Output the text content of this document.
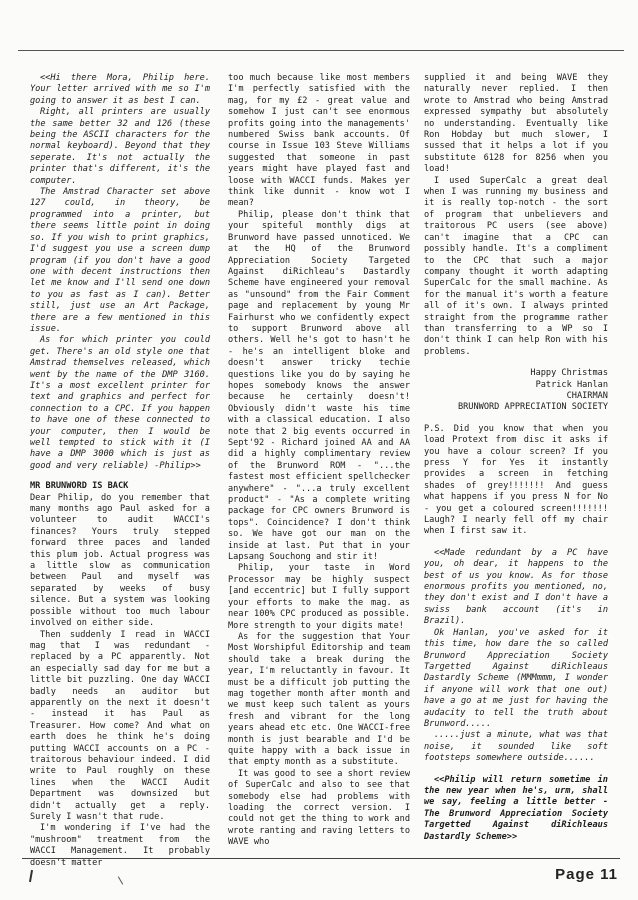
<<Hi there Mora, Philip here. Your letter arrived with me so I'm going to answer it as best I can.

Right, all printers are usually the same better 32 and 126 (these being the ASCII characters for the normal keyboard). Beyond that they seperate. It's not actually the printer that's different, it's the computer.

The Amstrad Character set above 127 could, in theory, be programmed into a printer, but there seems little point in doing so. If you wish to print graphics, I'd suggest you use a screen dump program (if you don't have a good one with decent instructions then let me know and I'll send one down to you as fast as I can). Better still, just use an Art Package, there are a few mentioned in this issue.

As for which printer you could get. There's an old style one that Amstrad themselves released, which went by the name of the DMP 3160. It's a most excellent printer for text and graphics and perfect for connection to a CPC. If you happen to have one of these connected to your computer, then I would be well tempted to stick with it (I have a DMP 3000 which is just as good and very reliable) -Philip>>

MR BRUNWORD IS BACK

Dear Philip, do you remember that many months ago Paul asked for a volunteer to audit WACCI's finances? Yours truly stepped forward three paces and landed this plum job. Actual progress was a little slow as communication between Paul and myself was separated by weeks of busy silence. But a system was looking possible without too much labour involved on either side.

Then suddenly I read in WACCI mag that I was redundant - replaced by a PC apparently. Not an especially sad day for me but a little bit puzzling. One day WACCI badly needs an auditor but apparently on the next it doesn't - instead it has Paul as Treasurer. How come? And what on earth does he think he's doing putting WACCI accounts on a PC - traitorous behaviour indeed. I did write to Paul roughly on these lines when the WACCI Audit Department was downsized but didn't actually get a reply. Surely I wasn't that rude.

I'm wondering if I've had the "mushroom" treatment from the WACCI Management. It probably doesn't matter

too much because like most members I'm perfectly satisfied with the mag, for my £2 - great value and somehow I just can't see enormous profits going into the managements' numbered Swiss bank accounts. Of course in Issue 103 Steve Williams suggested that someone in past years might have played fast and loose with WACCI funds. Makes yer think like dunnit - know wot I mean?

Philip, please don't think that your spiteful monthly digs at Brunword have passed unnoticed. We at the HQ of the Brunword Appreciation Society Targeted Against diRichleau's Dastardly Scheme have engineered your removal as "unsound" from the Fair Comment page and replacement by young Mr Fairhurst who we confidently expect to support Brunword above all others. Well he's got to hasn't he - he's an intelligent bloke and doesn't answer tricky techie questions like you do by saying he hopes somebody knows the answer because he certainly doesn't! Obviously didn't waste his time with a classical education. I also note that 2 big events occurred in Sept'92 - Richard joined AA and AA did a highly complimentary review of the Brunword ROM - "...the fastest most efficient spellchecker anywhere" - "...a truly excellent product" - "As a complete writing package for CPC owners Brunword is tops". Coincidence? I don't think so. We have got our man on the inside at last. Put that in your Lapsang Souchong and stir it!

Philip, your taste in Word Processor may be highly suspect [and eccentric] but I fully support your efforts to make the mag. as near 100% CPC produced as possible. More strength to your digits mate!

As for the suggestion that Your Most Worshipful Editorship and team should take a break during the year, I'm reluctantly in favour. It must be a difficult job putting the mag together month after month and we must keep such talent as yours fresh and vibrant for the long years ahead etc etc. One WACCI-free month is just bearable and I'd be quite happy with a back issue in that empty month as a substitute.

It was good to see a short review of SuperCalc and also to see that somebody else had problems with loading the correct version. I could not get the thing to work and wrote ranting and raving letters to WAVE who

supplied it and being WAVE they naturally never replied. I then wrote to Amstrad who being Amstrad expressed sympathy but absolutely no understanding. Eventually like Ron Hobday but much slower, I sussed that it helps a lot if you substitute 6128 for 8256 when you load!

I used SuperCalc a great deal when I was running my business and it is really top-notch - the sort of program that unbelievers and traitorous PC users (see above) can't imagine that a CPC can possibly handle. It's a compliment to the CPC that such a major company thought it worth adapting SuperCalc for the small machine. As for the manual it's worth a feature all of it's own. I always printed straight from the programme rather than transferring to a WP so I don't think I can help Ron with his problems.

Happy Christmas

Patrick Hanlan

CHAIRMAN

BRUNWORD APPRECIATION SOCIETY

P.S. Did you know that when you load Protext from disc it asks if you have a colour screen? If you press Y for Yes it instantly provides a screen in fetching shades of grey!!!!!!! And guess what happens if you press N for No - you get a coloured screen!!!!!!! Laugh? I nearly fell off my chair when I first saw it.

<<Made redundant by a PC have you, oh dear, it happens to the best of us you know. As for those enormous profits you mentioned, no, they don't exist and I don't have a swiss bank account (it's in Brazil).

Ok Hanlan, you've asked for it this time, how dare the so called Brunword Appreciation Society Targetted Against diRichleaus Dastardly Scheme (MMMmmm, I wonder if anyone will work that one out) have a go at me just for having the audacity to tell the truth about Brunword.....

.....just a minute, what was that noise, it sounded like soft footsteps somewhere outside......

<<Philip will return sometime in the new year when he's, urm, shall we say, feeling a little better -The Brunword Appreciation Society Targetted Against diRichleaus Dastardly Scheme>>

Page 11
